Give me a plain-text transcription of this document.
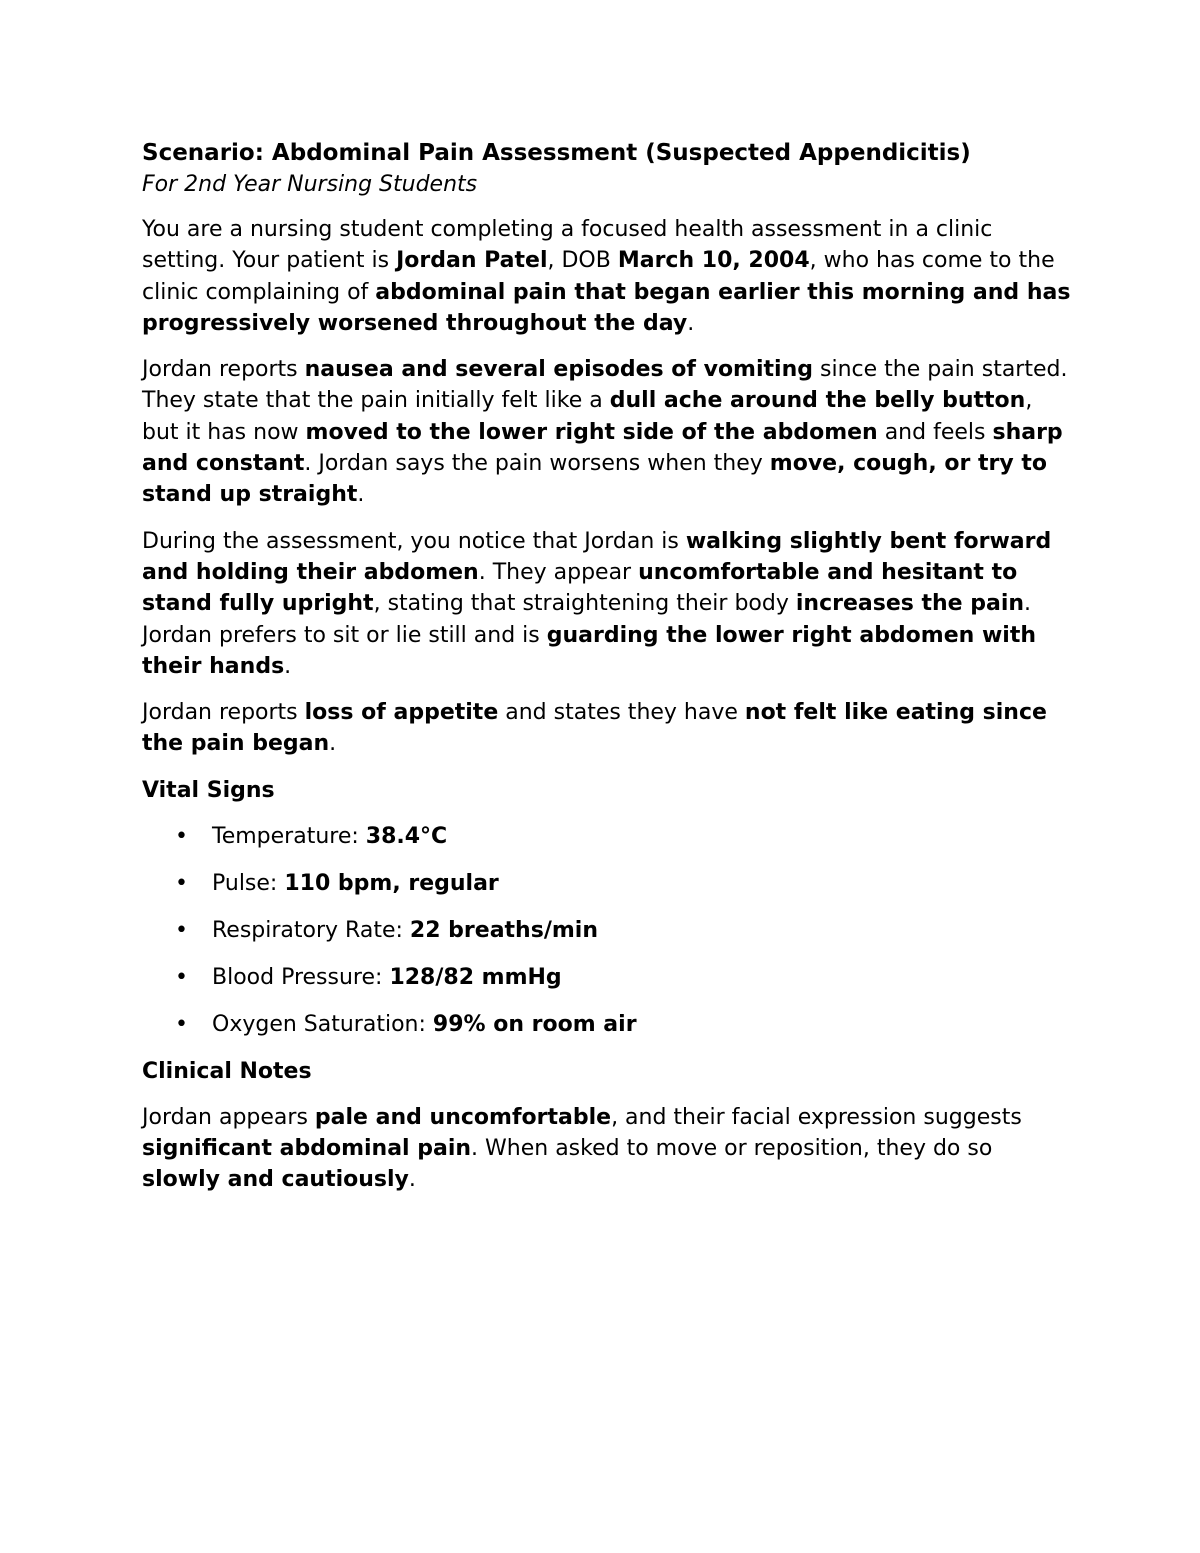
Scenario: Abdominal Pain Assessment (Suspected Appendicitis)

For 2nd Year Nursing Students

You are a nursing student completing a focused health assessment in a clinic setting. Your patient is Jordan Patel, DOB March 10, 2004, who has come to the clinic complaining of abdominal pain that began earlier this morning and has progressively worsened throughout the day.

Jordan reports nausea and several episodes of vomiting since the pain started. They state that the pain initially felt like a dull ache around the belly button, but it has now moved to the lower right side of the abdomen and feels sharp and constant. Jordan says the pain worsens when they move, cough, or try to stand up straight.

During the assessment, you notice that Jordan is walking slightly bent forward and holding their abdomen. They appear uncomfortable and hesitant to stand fully upright, stating that straightening their body increases the pain. Jordan prefers to sit or lie still and is guarding the lower right abdomen with their hands.

Jordan reports loss of appetite and states they have not felt like eating since the pain began.

Vital Signs

• Temperature: 38.4°C
• Pulse: 110 bpm, regular
• Respiratory Rate: 22 breaths/min
• Blood Pressure: 128/82 mmHg
• Oxygen Saturation: 99% on room air

Clinical Notes

Jordan appears pale and uncomfortable, and their facial expression suggests significant abdominal pain. When asked to move or reposition, they do so slowly and cautiously.
